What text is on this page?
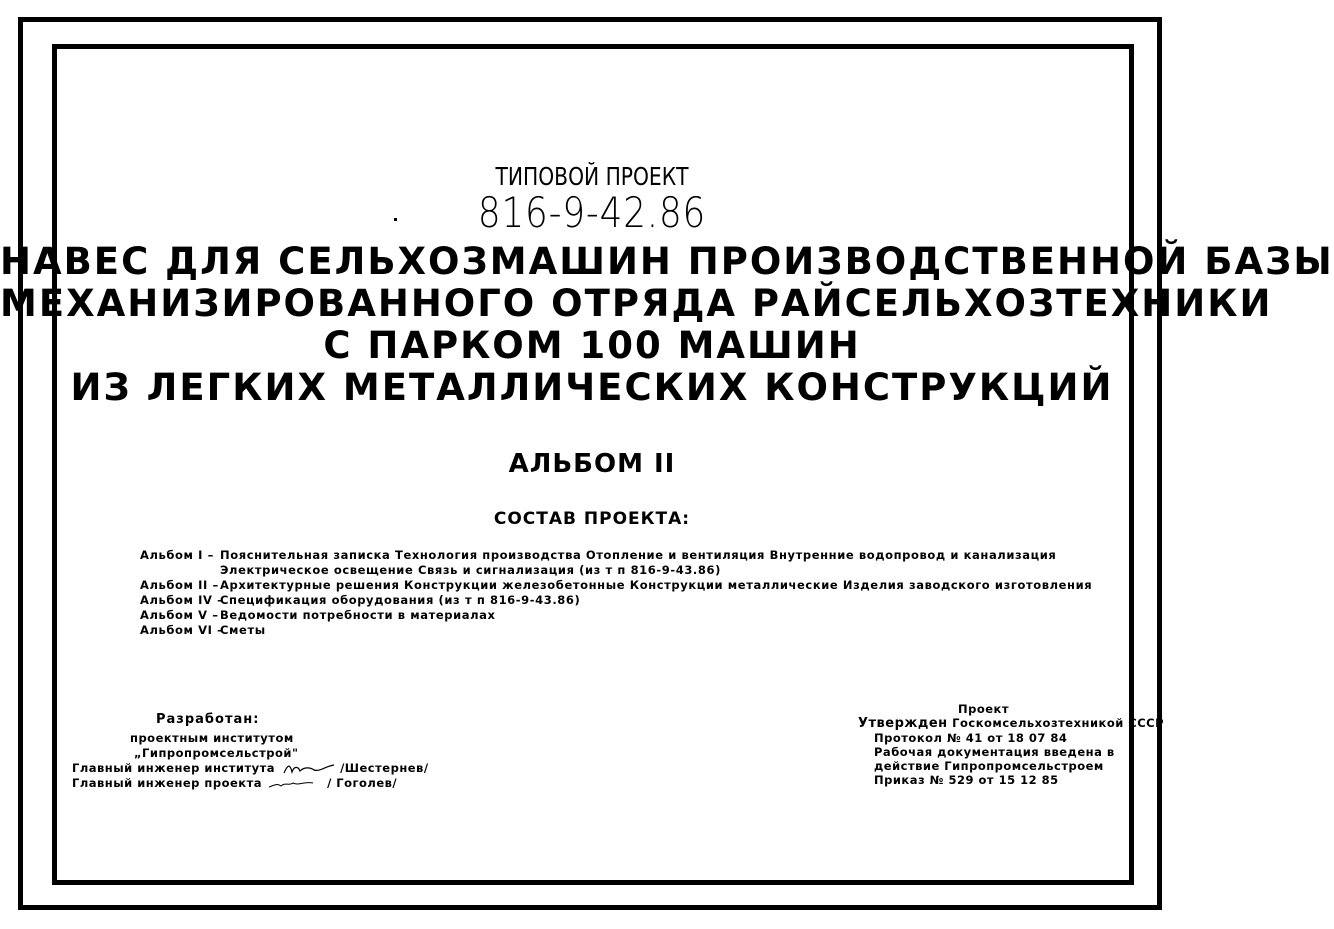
ТИПОВОЙ ПРОЕКТ
816-9-42.86
НАВЕС ДЛЯ СЕЛЬХОЗМАШИН ПРОИЗВОДСТВЕННОЙ БАЗЫ
МЕХАНИЗИРОВАННОГО ОТРЯДА РАЙСЕЛЬХОЗТЕХНИКИ
С ПАРКОМ 100 МАШИН
ИЗ ЛЕГКИХ МЕТАЛЛИЧЕСКИХ КОНСТРУКЦИЙ
АЛЬБОМ II
СОСТАВ ПРОЕКТА:
Альбом I – Пояснительная записка Технология производства Отопление и вентиляция Внутренние водопровод и канализация
Электрическое освещение Связь и сигнализация (из т п 816-9-43.86)
Альбом II – Архитектурные решения Конструкции железобетонные Конструкции металлические Изделия заводского изготовления
Альбом IV –
Спецификация оборудования (из т п 816-9-43.86)
Альбом V – Ведомости потребности в материалах
Альбом VI –
Сметы
Разработан:
проектным институтом
„Гипропромсельстрой"
Главный инженер института	/Шестернев/
Главный инженер проекта	/ Гоголев/
Проект
Утвержден Госкомсельхозтехникой СССР
Протокол № 41 от 18 07 84
Рабочая документация введена в
действие Гипропромсельстроем
Приказ № 529 от 15 12 85
